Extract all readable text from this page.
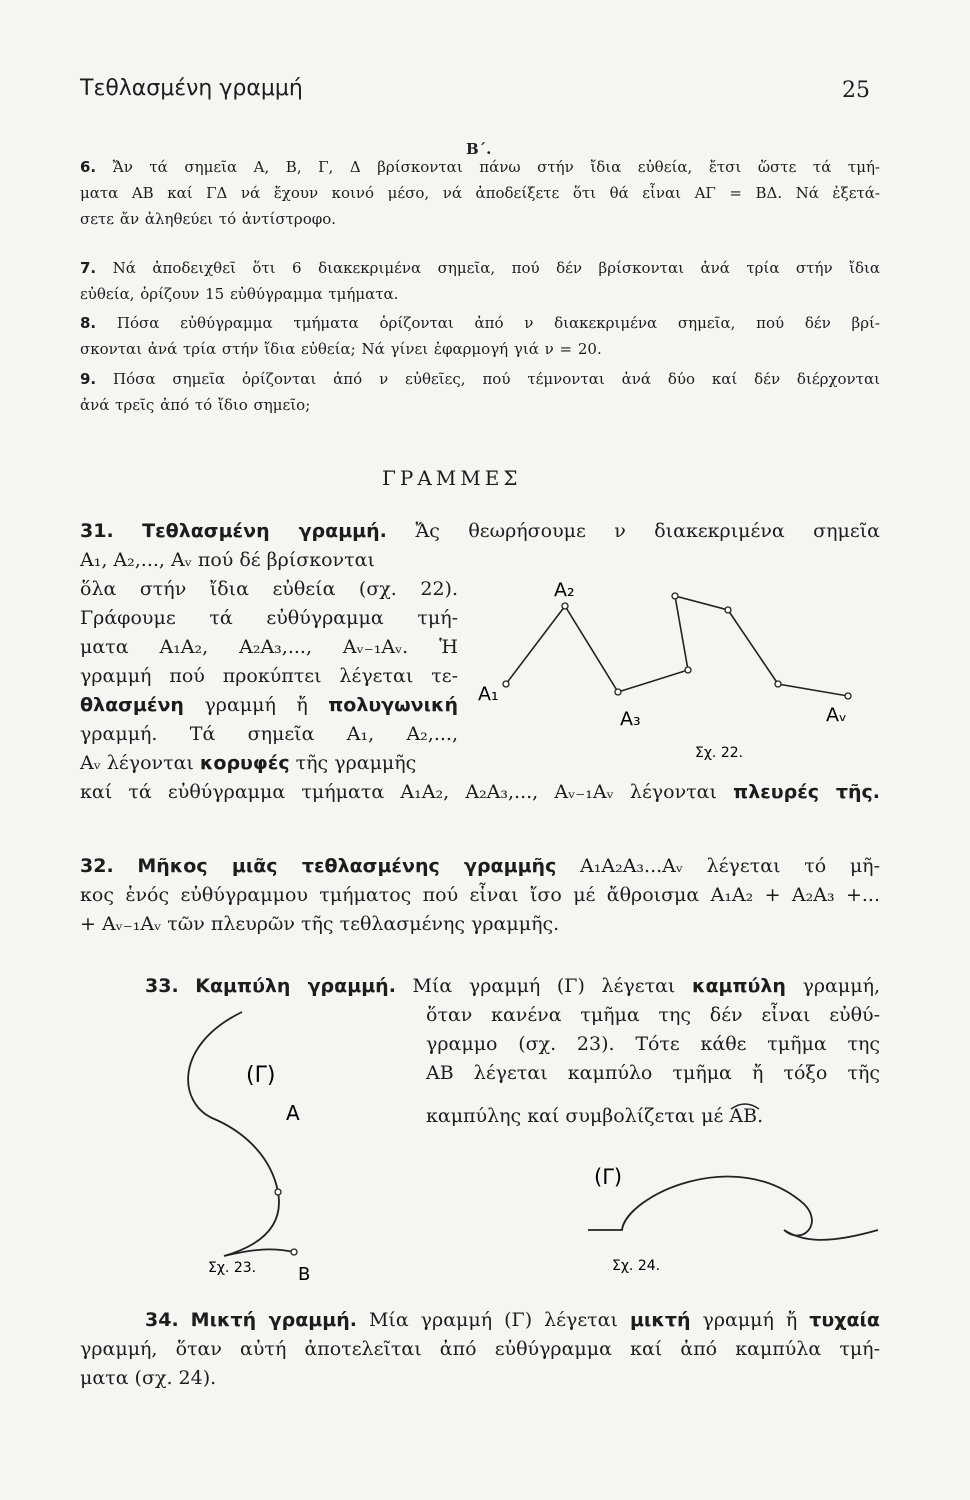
Τεθλασμένη γραμμή	25
Β΄.
6. Ἄν τά σημεῖα Α, Β, Γ, Δ βρίσκονται πάνω στήν ἴδια εὐθεία, ἔτσι ὥστε τά τμή-
ματα ΑΒ καί ΓΔ νά ἔχουν κοινό μέσο, νά ἀποδείξετε ὅτι θά εἶναι ΑΓ = ΒΔ. Νά ἐξετά-
σετε ἄν ἀληθεύει τό ἀντίστροφο.
7. Νά ἀποδειχθεῖ ὅτι 6 διακεκριμένα σημεῖα, πού δέν βρίσκονται ἀνά τρία στήν ἴδια
εὐθεία, ὁρίζουν 15 εὐθύγραμμα τμήματα.
8. Πόσα εὐθύγραμμα τμήματα ὁρίζονται ἀπό ν διακεκριμένα σημεῖα, πού δέν βρί-
σκονται ἀνά τρία στήν ἴδια εὐθεία; Νά γίνει ἐφαρμογή γιά ν = 20.
9. Πόσα σημεῖα ὁρίζονται ἀπό ν εὐθεῖες, πού τέμνονται ἀνά δύο καί δέν διέρχονται
ἀνά τρεῖς ἀπό τό ἴδιο σημεῖο;
ΓΡΑΜΜΕΣ
31. Τεθλασμένη γραμμή. Ἄς θεωρήσουμε ν διακεκριμένα σημεῖα
Α₁, Α₂,..., Αᵥ πού δέ βρίσκονται
ὅλα στήν ἴδια εὐθεία (σχ. 22).
Γράφουμε τά εὐθύγραμμα τμή-
ματα Α₁Α₂, Α₂Α₃,..., Αᵥ₋₁Αᵥ. Ἡ
γραμμή πού προκύπτει λέγεται τε-
θλασμένη γραμμή ἤ πολυγωνική
γραμμή. Τά σημεῖα Α₁, Α₂,...,
Αᵥ λέγονται κορυφές τῆς γραμμῆς
καί τά εὐθύγραμμα τμήματα Α₁Α₂, Α₂Α₃,..., Αᵥ₋₁Αᵥ λέγονται πλευρές τῆς.
Α₁
Α₂
Α₃	Αᵥ
Σχ. 22.
32. Μῆκος μιᾶς τεθλασμένης γραμμῆς Α₁Α₂Α₃...Αᵥ λέγεται τό μῆ-
κος ἑνός εὐθύγραμμου τμήματος πού εἶναι ἴσο μέ ἄθροισμα Α₁Α₂ + Α₂Α₃ +...
+ Αᵥ₋₁Αᵥ τῶν πλευρῶν τῆς τεθλασμένης γραμμῆς.
(Γ)
Α
Β
Σχ. 23.
33. Καμπύλη γραμμή. Μία γραμμή (Γ) λέγεται καμπύλη γραμμή,
ὅταν κανένα τμῆμα της δέν εἶναι εὐθύ-
γραμμο (σχ. 23). Τότε κάθε τμῆμα της
ΑΒ λέγεται καμπύλο τμῆμα ἤ τόξο τῆς
καμπύλης καί συμβολίζεται μέ ΑΒ.
(Γ)
Σχ. 24.
34. Μικτή γραμμή. Μία γραμμή (Γ) λέγεται μικτή γραμμή ἤ τυχαία
γραμμή, ὅταν αὐτή ἀποτελεῖται ἀπό εὐθύγραμμα καί ἀπό καμπύλα τμή-
ματα (σχ. 24).
